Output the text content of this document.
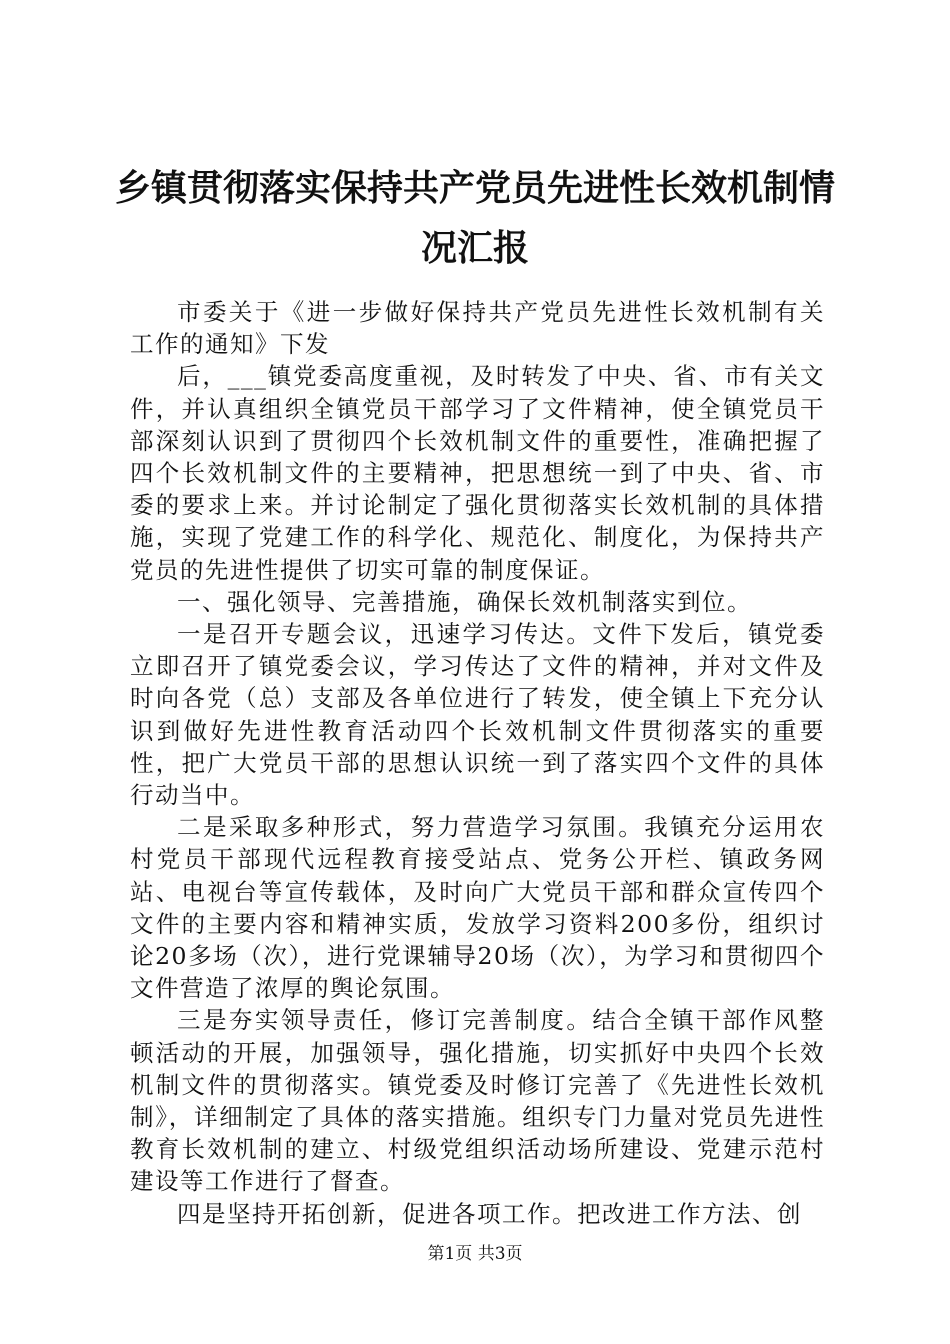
乡镇贯彻落实保持共产党员先进性长效机制情况汇报

市委关于《进一步做好保持共产党员先进性长效机制有关工作的通知》下发

后，___镇党委高度重视，及时转发了中央、省、市有关文件，并认真组织全镇党员干部学习了文件精神，使全镇党员干部深刻认识到了贯彻四个长效机制文件的重要性，准确把握了四个长效机制文件的主要精神，把思想统一到了中央、省、市委的要求上来。并讨论制定了强化贯彻落实长效机制的具体措施，实现了党建工作的科学化、规范化、制度化，为保持共产党员的先进性提供了切实可靠的制度保证。

一、强化领导、完善措施，确保长效机制落实到位。

一是召开专题会议，迅速学习传达。文件下发后，镇党委立即召开了镇党委会议，学习传达了文件的精神，并对文件及时向各党（总）支部及各单位进行了转发，使全镇上下充分认识到做好先进性教育活动四个长效机制文件贯彻落实的重要性，把广大党员干部的思想认识统一到了落实四个文件的具体行动当中。

二是采取多种形式，努力营造学习氛围。我镇充分运用农村党员干部现代远程教育接受站点、党务公开栏、镇政务网站、电视台等宣传载体，及时向广大党员干部和群众宣传四个文件的主要内容和精神实质，发放学习资料200多份，组织讨论20多场（次），进行党课辅导20场（次），为学习和贯彻四个文件营造了浓厚的舆论氛围。

三是夯实领导责任，修订完善制度。结合全镇干部作风整顿活动的开展，加强领导，强化措施，切实抓好中央四个长效机制文件的贯彻落实。镇党委及时修订完善了《先进性长效机制》，详细制定了具体的落实措施。组织专门力量对党员先进性教育长效机制的建立、村级党组织活动场所建设、党建示范村建设等工作进行了督查。

四是坚持开拓创新，促进各项工作。把改进工作方法、创

第1页 共3页
